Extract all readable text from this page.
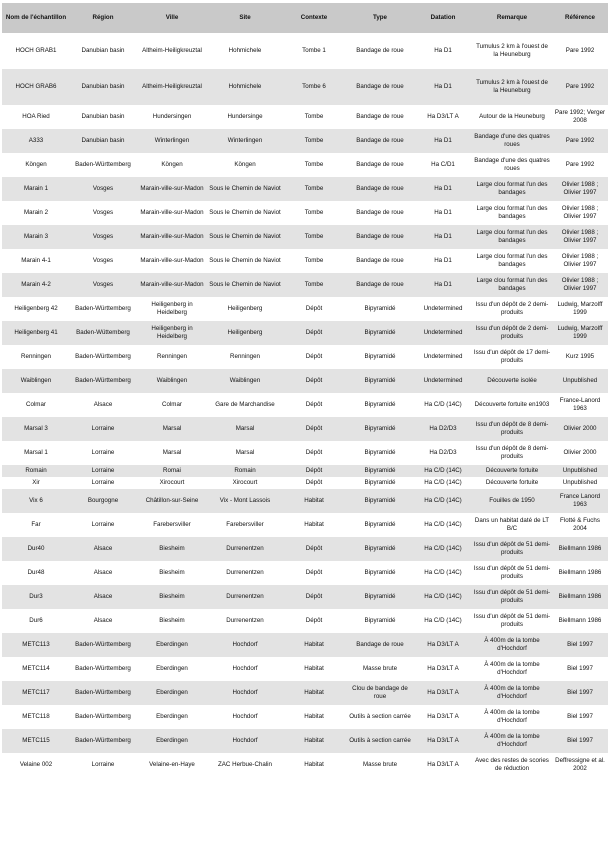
Nom de l'échantillon	Région	Ville	Site	Contexte	Type	Datation	Remarque	Référence
HOCH GRAB1	Danubian basin	Altheim-Heiligkreuztal	Hohmichele	Tombe 1	Bandage de roue	Ha D1	Tumulus 2 km à l'ouest de la Heuneburg	Pare 1992
HOCH GRAB6	Danubian basin	Altheim-Heiligkreuztal	Hohmichele	Tombe 6	Bandage de roue	Ha D1	Tumulus 2 km à l'ouest de la Heuneburg	Pare 1992
HOA Ried	Danubian basin	Hundersingen	Hundersinge	Tombe	Bandage de roue	Ha D3/LT A	Autour de la Heuneburg	Pare 1992; Verger 2008
A333	Danubian basin	Winterlingen	Winterlingen	Tombe	Bandage de roue	Ha D1	Bandage d'une des quatres roues	Pare 1992
Köngen	Baden-Württemberg	Köngen	Köngen	Tombe	Bandage de roue	Ha C/D1	Bandage d'une des quatres roues	Pare 1992
Marain 1	Vosges	Marain-ville-sur-Madon	Sous le Chemin de Naviot	Tombe	Bandage de roue	Ha D1	Large clou format l'un des bandages	Olivier 1988 ; Olivier 1997
Marain 2	Vosges	Marain-ville-sur-Madon	Sous le Chemin de Naviot	Tombe	Bandage de roue	Ha D1	Large clou format l'un des bandages	Olivier 1988 ; Olivier 1997
Marain 3	Vosges	Marain-ville-sur-Madon	Sous le Chemin de Naviot	Tombe	Bandage de roue	Ha D1	Large clou format l'un des bandages	Olivier 1988 ; Olivier 1997
Marain 4-1	Vosges	Marain-ville-sur-Madon	Sous le Chemin de Naviot	Tombe	Bandage de roue	Ha D1	Large clou format l'un des bandages	Olivier 1988 ; Olivier 1997
Marain 4-2	Vosges	Marain-ville-sur-Madon	Sous le Chemin de Naviot	Tombe	Bandage de roue	Ha D1	Large clou format l'un des bandages	Olivier 1988 ; Olivier 1997
Heiligenberg 42	Baden-Württemberg	Heiligenberg in Heidelberg	Heiligenberg	Dépôt	Bipyramidé	Undetermined	Issu d'un dépôt de 2 demi-produits	Ludwig, Marzolff 1999
Heiligenberg 41	Baden-Wüttemberg	Heiligenberg in Heidelberg	Heiligenberg	Dépôt	Bipyramidé	Undetermined	Issu d'un dépôt de 2 demi-produits	Ludwig, Marzolff 1999
Renningen	Baden-Württemberg	Renningen	Renningen	Dépôt	Bipyramidé	Undetermined	Issu d'un dépôt de 17 demi-produits	Kurz 1995
Waiblingen	Baden-Württemberg	Waiblingen	Waiblingen	Dépôt	Bipyramidé	Undetermined	Découverte isolée	Unpublished
Colmar	Alsace	Colmar	Gare de Marchandise	Dépôt	Bipyramidé	Ha C/D (14C)	Découverte fortuite en1903	France-Lanord 1963
Marsal 3	Lorraine	Marsal	Marsal	Dépôt	Bipyramidé	Ha D2/D3	Issu d'un dépôt de 8 demi-produits	Olivier 2000
Marsal 1	Lorraine	Marsal	Marsal	Dépôt	Bipyramidé	Ha D2/D3	Issu d'un dépôt de 8 demi-produits	Olivier 2000
Romain	Lorraine	Romai	Romain	Dépôt	Bipyramidé	Ha C/D (14C)	Découverte fortuite	Unpublished
Xir	Lorraine	Xirocourt	Xirocourt	Dépôt	Bipyramidé	Ha C/D (14C)	Découverte fortuite	Unpublished
Vix 6	Bourgogne	Châtillon-sur-Seine	Vix - Mont Lassois	Habitat	Bipyramidé	Ha C/D (14C)	Fouilles de 1950	France Lanord 1963
Far	Lorraine	Farebersviller	Farebersviller	Habitat	Bipyramidé	Ha C/D (14C)	Dans un habitat daté de LT B/C	Flotté & Fuchs 2004
Dur40	Alsace	Biesheim	Durrenentzen	Dépôt	Bipyramidé	Ha C/D (14C)	Issu d'un dépôt de 51 demi-produits	Biellmann 1986
Dur48	Alsace	Biesheim	Durrenentzen	Dépôt	Bipyramidé	Ha C/D (14C)	Issu d'un dépôt de 51 demi-produits	Biellmann 1986
Dur3	Alsace	Biesheim	Durrenentzen	Dépôt	Bipyramidé	Ha C/D (14C)	Issu d'un dépôt de 51 demi-produits	Biellmann 1986
Dur6	Alsace	Biesheim	Durrenentzen	Dépôt	Bipyramidé	Ha C/D (14C)	Issu d'un dépôt de 51 demi-produits	Biellmann 1986
METC113	Baden-Württemberg	Eberdingen	Hochdorf	Habitat	Bandage de roue	Ha D3/LT A	À 400m de la tombe d'Hochdorf	Biel 1997
METC114	Baden-Württemberg	Eberdingen	Hochdorf	Habitat	Masse brute	Ha D3/LT A	À 400m de la tombe d'Hochdorf	Biel 1997
METC117	Baden-Württemberg	Eberdingen	Hochdorf	Habitat	Clou de bandage de roue	Ha D3/LT A	À 400m de la tombe d'Hochdorf	Biel 1997
METC118	Baden-Württemberg	Eberdingen	Hochdorf	Habitat	Outils à section carrée	Ha D3/LT A	À 400m de la tombe d'Hochdorf	Biel 1997
METC115	Baden-Württemberg	Eberdingen	Hochdorf	Habitat	Outils à section carrée	Ha D3/LT A	À 400m de la tombe d'Hochdorf	Biel 1997
Velaine 002	Lorraine	Velaine-en-Haye	ZAC Herbue-Chalin	Habitat	Masse brute	Ha D3/LT A	Avec des restes de scories de réduction	Deffressigne et al. 2002
